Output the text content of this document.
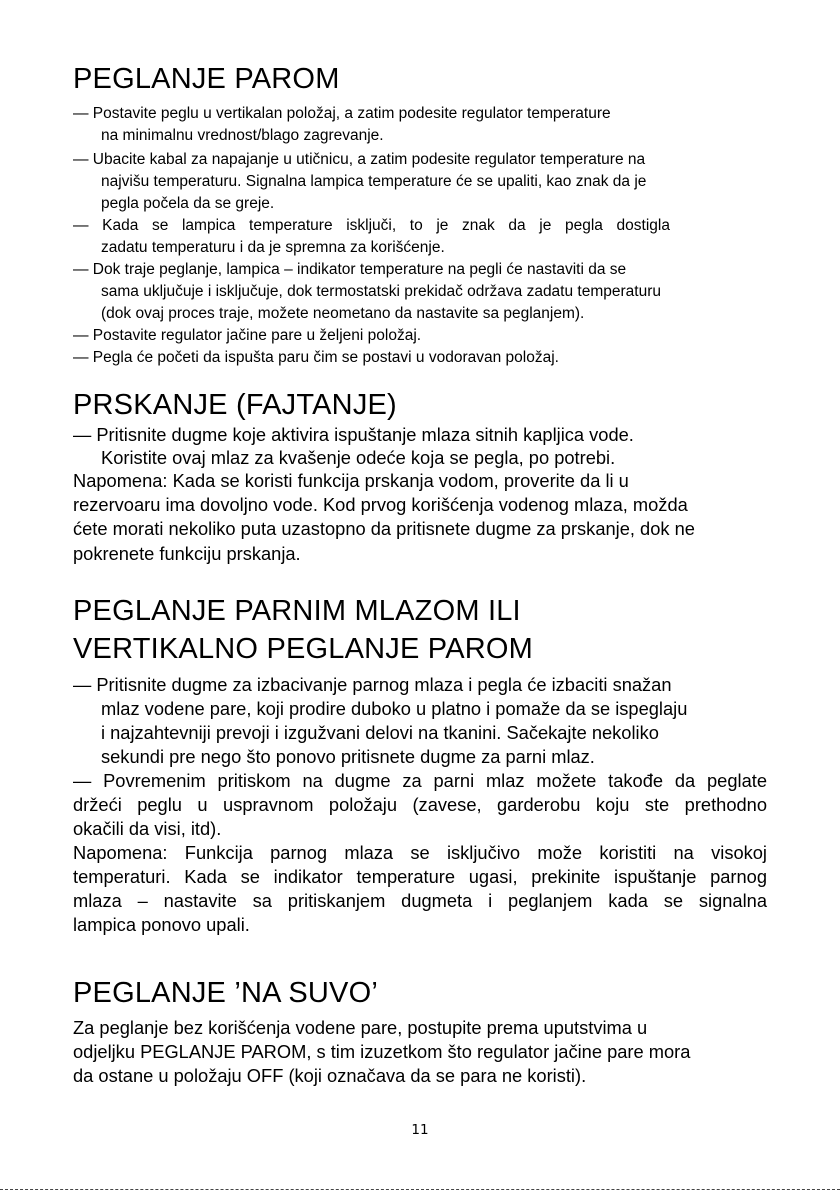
PEGLANJE PAROM
— Postavite peglu u vertikalan položaj, a zatim podesite regulator temperature
na minimalnu vrednost/blago zagrevanje.
— Ubacite kabal za napajanje u utičnicu, a zatim podesite regulator temperature na
najvišu temperaturu. Signalna lampica temperature će se upaliti, kao znak da je
pegla počela da se greje.
— Kada se lampica temperature isključi, to je znak da je pegla dostigla
zadatu temperaturu i da je spremna za korišćenje.
— Dok traje peglanje, lampica – indikator temperature na pegli će nastaviti da se
sama uključuje i isključuje, dok termostatski prekidač održava zadatu temperaturu
(dok ovaj proces traje, možete neometano da nastavite sa peglanjem).
— Postavite regulator jačine pare u željeni položaj.
— Pegla će početi da ispušta paru čim se postavi u vodoravan položaj.
PRSKANJE (FAJTANJE)
— Pritisnite dugme koje aktivira ispuštanje mlaza sitnih kapljica vode.
Koristite ovaj mlaz za kvašenje odeće koja se pegla, po potrebi.
Napomena: Kada se koristi funkcija prskanja vodom, proverite da li u
rezervoaru ima dovoljno vode. Kod prvog korišćenja vodenog mlaza, možda
ćete morati nekoliko puta uzastopno da pritisnete dugme za prskanje, dok ne
pokrenete funkciju prskanja.
PEGLANJE PARNIM MLAZOM ILI
VERTIKALNO PEGLANJE PAROM
— Pritisnite dugme za izbacivanje parnog mlaza i pegla će izbaciti snažan
mlaz vodene pare, koji prodire duboko u platno i pomaže da se ispeglaju
i najzahtevniji prevoji i izgužvani delovi na tkanini. Sačekajte nekoliko
sekundi pre nego što ponovo pritisnete dugme za parni mlaz.
— Povremenim pritiskom na dugme za parni mlaz možete takođe da peglate
držeći peglu u uspravnom položaju (zavese, garderobu koju ste prethodno
okačili da visi, itd).
Napomena: Funkcija parnog mlaza se isključivo može koristiti na visokoj
temperaturi. Kada se indikator temperature ugasi, prekinite ispuštanje parnog
mlaza – nastavite sa pritiskanjem dugmeta i peglanjem kada se signalna
lampica ponovo upali.
PEGLANJE ’NA SUVO’
Za peglanje bez korišćenja vodene pare, postupite prema uputstvima u
odjeljku PEGLANJE PAROM, s tim izuzetkom što regulator jačine pare mora
da ostane u položaju OFF (koji označava da se para ne koristi).
11
